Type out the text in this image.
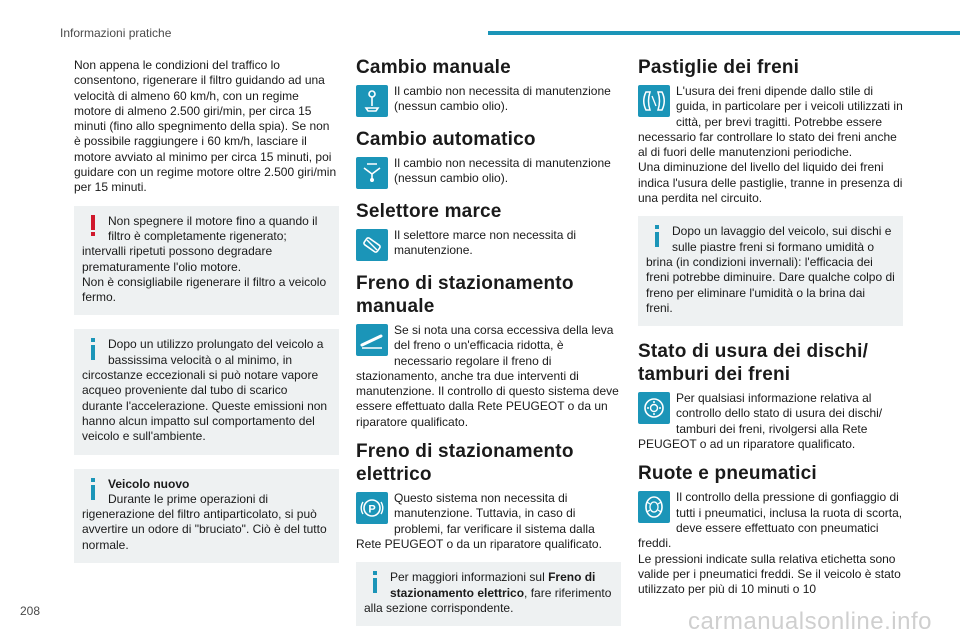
Informazioni pratiche

Non appena le condizioni del traffico lo consentono, rigenerare il filtro guidando ad una velocità di almeno 60 km/h, con un regime motore di almeno 2.500 giri/min, per circa 15 minuti (fino allo spegnimento della spia). Se non è possibile raggiungere i 60 km/h, lasciare il motore avviato al minimo per circa 15 minuti, poi guidare con un regime motore oltre 2.500 giri/min per 15 minuti.

Non spegnere il motore fino a quando il filtro è completamente rigenerato; intervalli ripetuti possono degradare prematuramente l'olio motore.
Non è consigliabile rigenerare il filtro a veicolo fermo.

Dopo un utilizzo prolungato del veicolo a bassissima velocità o al minimo, in circostanze eccezionali si può notare vapore acqueo proveniente dal tubo di scarico durante l'accelerazione. Queste emissioni non hanno alcun impatto sul comportamento del veicolo e sull'ambiente.

Veicolo nuovo
Durante le prime operazioni di rigenerazione del filtro antiparticolato, si può avvertire un odore di "bruciato". Ciò è del tutto normale.

Cambio manuale

Il cambio non necessita di manutenzione (nessun cambio olio).

Cambio automatico

Il cambio non necessita di manutenzione (nessun cambio olio).

Selettore marce

Il selettore marce non necessita di manutenzione.

Freno di stazionamento manuale

Se si nota una corsa eccessiva della leva del freno o un'efficacia ridotta, è necessario regolare il freno di stazionamento, anche tra due interventi di manutenzione. Il controllo di questo sistema deve essere effettuato dalla Rete PEUGEOT o da un riparatore qualificato.

Freno di stazionamento elettrico
P

Questo sistema non necessita di manutenzione. Tuttavia, in caso di problemi, far verificare il sistema dalla Rete PEUGEOT o da un riparatore qualificato.

Per maggiori informazioni sul Freno di stazionamento elettrico, fare riferimento alla sezione corrispondente.

Pastiglie dei freni

L'usura dei freni dipende dallo stile di guida, in particolare per i veicoli utilizzati in città, per brevi tragitti. Potrebbe essere necessario far controllare lo stato dei freni anche al di fuori delle manutenzioni periodiche.
Una diminuzione del livello del liquido dei freni indica l'usura delle pastiglie, tranne in presenza di una perdita nel circuito.

Dopo un lavaggio del veicolo, sui dischi e sulle piastre freni si formano umidità o brina (in condizioni invernali): l'efficacia dei freni potrebbe diminuire. Dare qualche colpo di freno per eliminare l'umidità o la brina dai freni.

Stato di usura dei dischi/ tamburi dei freni

Per qualsiasi informazione relativa al controllo dello stato di usura dei dischi/ tamburi dei freni, rivolgersi alla Rete PEUGEOT o ad un riparatore qualificato.

Ruote e pneumatici

Il controllo della pressione di gonfiaggio di tutti i pneumatici, inclusa la ruota di scorta, deve essere effettuato con pneumatici freddi.
Le pressioni indicate sulla relativa etichetta sono valide per i pneumatici freddi. Se il veicolo è stato utilizzato per più di 10 minuti o 10

208	carmanualsonline.info
